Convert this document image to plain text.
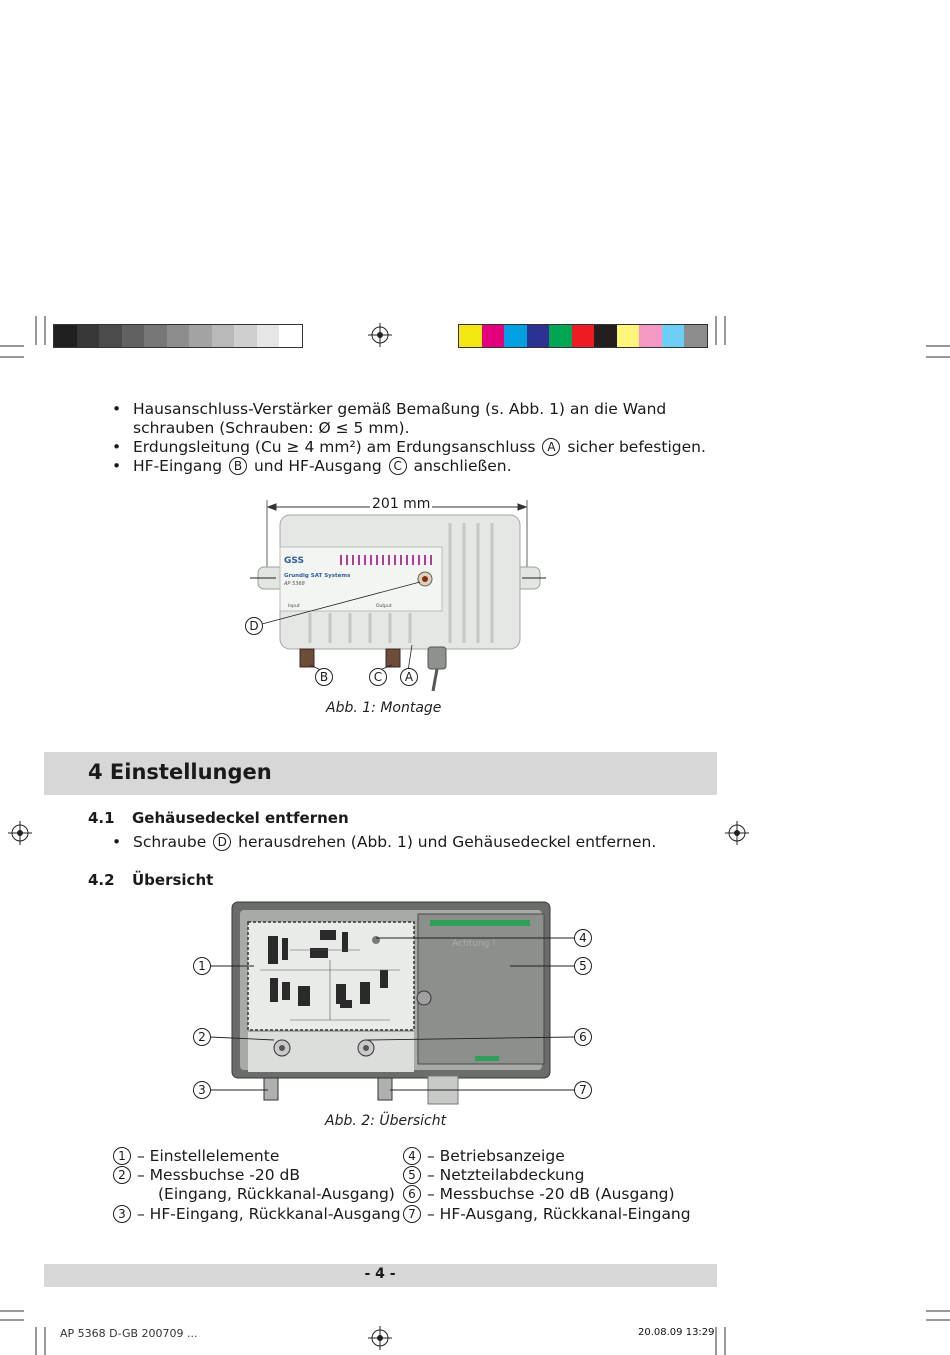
• Hausanschluss-Verstärker gemäß Bemaßung (s. Abb. 1) an die Wand
schrauben (Schrauben: Ø ≤ 5 mm).
• Erdungsleitung (Cu ≥ 4 mm²) am Erdungsanschluss A sicher befestigen.
• HF-Eingang B und HF-Ausgang C anschließen.
GSS
Grundig SAT Systems
AP 5368
Input	Output
D
B	C	A
201 mm
Abb. 1: Montage
4 Einstellungen
4.1 Gehäusedeckel entfernen
• Schraube D herausdrehen (Abb. 1) und Gehäusedeckel entfernen.
4.2 Übersicht
Achtung !
1
2
3
4
5
6
7
Abb. 2: Übersicht
1 – Einstellelemente
2 – Messbuchse -20 dB
(Eingang, Rückkanal-Ausgang)
3 – HF-Eingang, Rückkanal-Ausgang
4 – Betriebsanzeige
5 – Netzteilabdeckung
6 – Messbuchse -20 dB (Ausgang)
7 – HF-Ausgang, Rückkanal-Eingang
- 4 -
AP 5368 D-GB 200709 ...	20.08.09 13:29
